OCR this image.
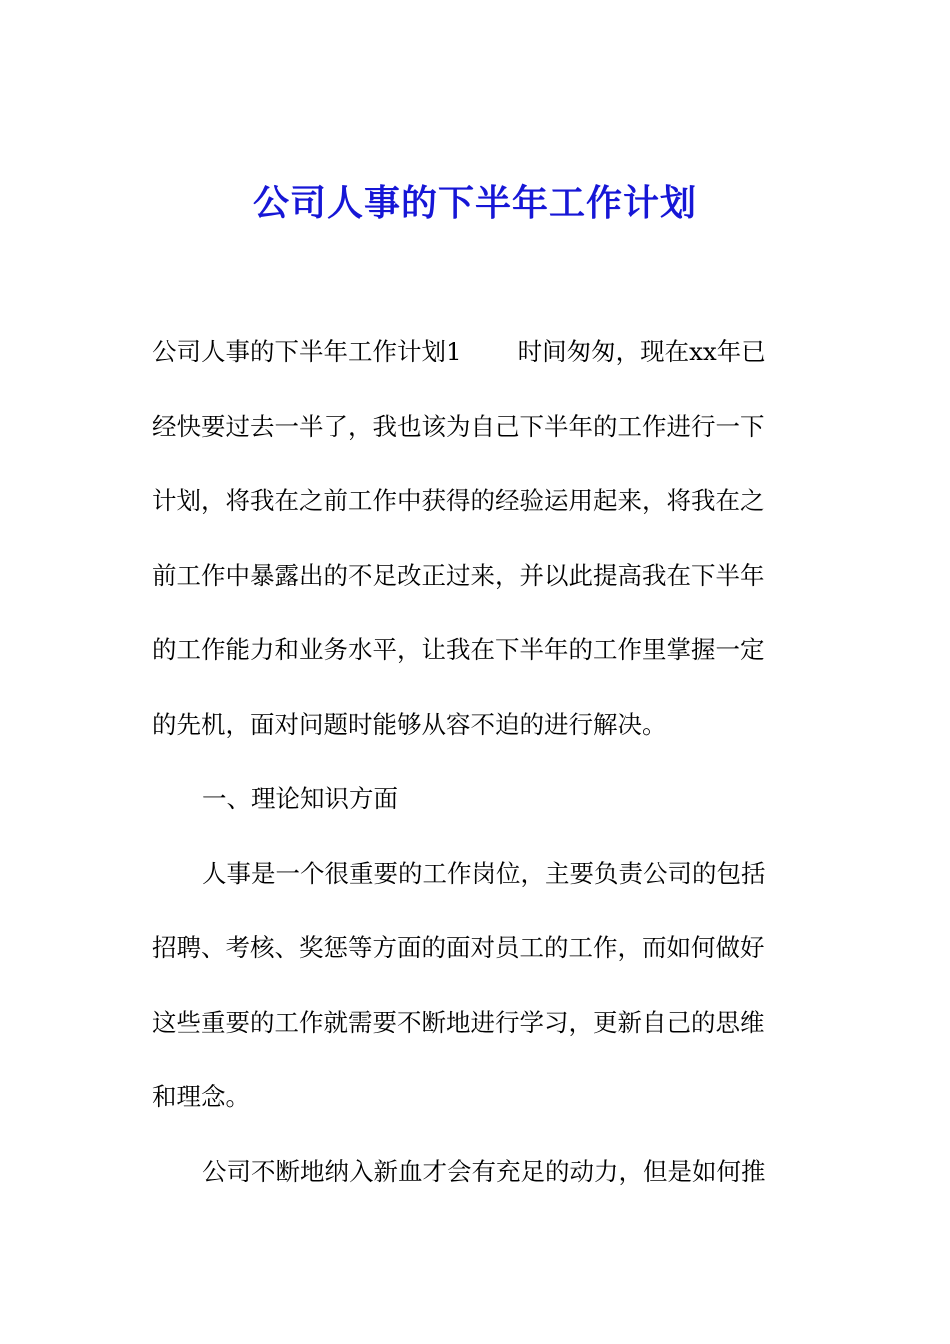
公司人事的下半年工作计划
公司人事的下半年工作计划1 时间匆匆，现在xx年已
经快要过去一半了，我也该为自己下半年的工作进行一下
计划，将我在之前工作中获得的经验运用起来，将我在之
前工作中暴露出的不足改正过来，并以此提高我在下半年
的工作能力和业务水平，让我在下半年的工作里掌握一定
的先机，面对问题时能够从容不迫的进行解决。
一、理论知识方面
人事是一个很重要的工作岗位，主要负责公司的包括
招聘、考核、奖惩等方面的面对员工的工作，而如何做好
这些重要的工作就需要不断地进行学习，更新自己的思维
和理念。
公司不断地纳入新血才会有充足的动力，但是如何推
